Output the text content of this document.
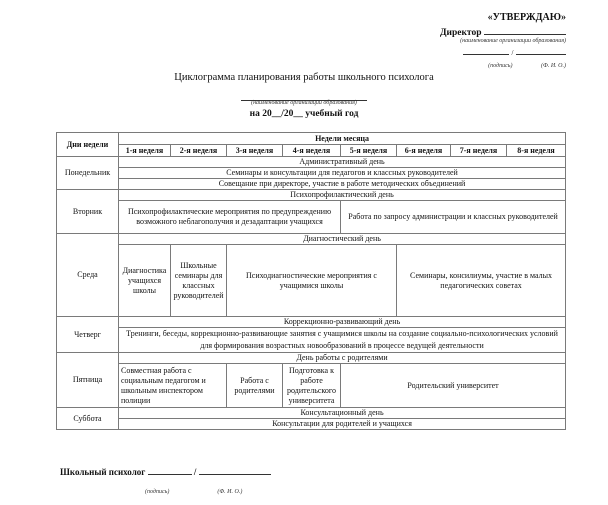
«УТВЕРЖДАЮ»
Директор
(наименование организации образования)
/
(подпись)	(Ф. И. О.)
Циклограмма планирования работы школьного психолога
(наименование организации образования)
на 20__/20__ учебный год
Дни недели	Недели месяца							
	1-я неделя	2-я неделя	3-я неделя	4-я неделя	5-я неделя	6-я неделя	7-я неделя	8-я неделя
Понедельник	Административный день							
	Семинары и консультации для педагогов и классных руководителей							
	Совещание при директоре, участие в работе методических объединений							
Вторник	Психопрофилактический день							
	Психопрофилактические мероприятия по предупреждению возможного неблагополучия и дезадаптации учащихся				Работа по запросу администрации и классных руководителей			
Среда	Диагностический день							
	Диагностика учащихся школы	Школьные семинары для классных руководителей	Психодиагностические мероприятия с учащимися школы			Семинары, консилиумы, участие в малых педагогических советах		
Четверг	Коррекционно-развивающий день							
	Тренинги, беседы, коррекционно-развивающие занятия с учащимися школы на создание социально-психологических условий для формирования возрастных новообразований в процессе ведущей деятельности							
Пятница	День работы с родителями							
	Совместная работа с социальным педагогом и школьным инспектором полиции		Работа с родителями	Подготовка к работе родительского университета	Родительский университет			
Суббота	Консультационный день							
	Консультации для родителей и учащихся							
Школьный психолог	/
(подпись)	(Ф. И. О.)
